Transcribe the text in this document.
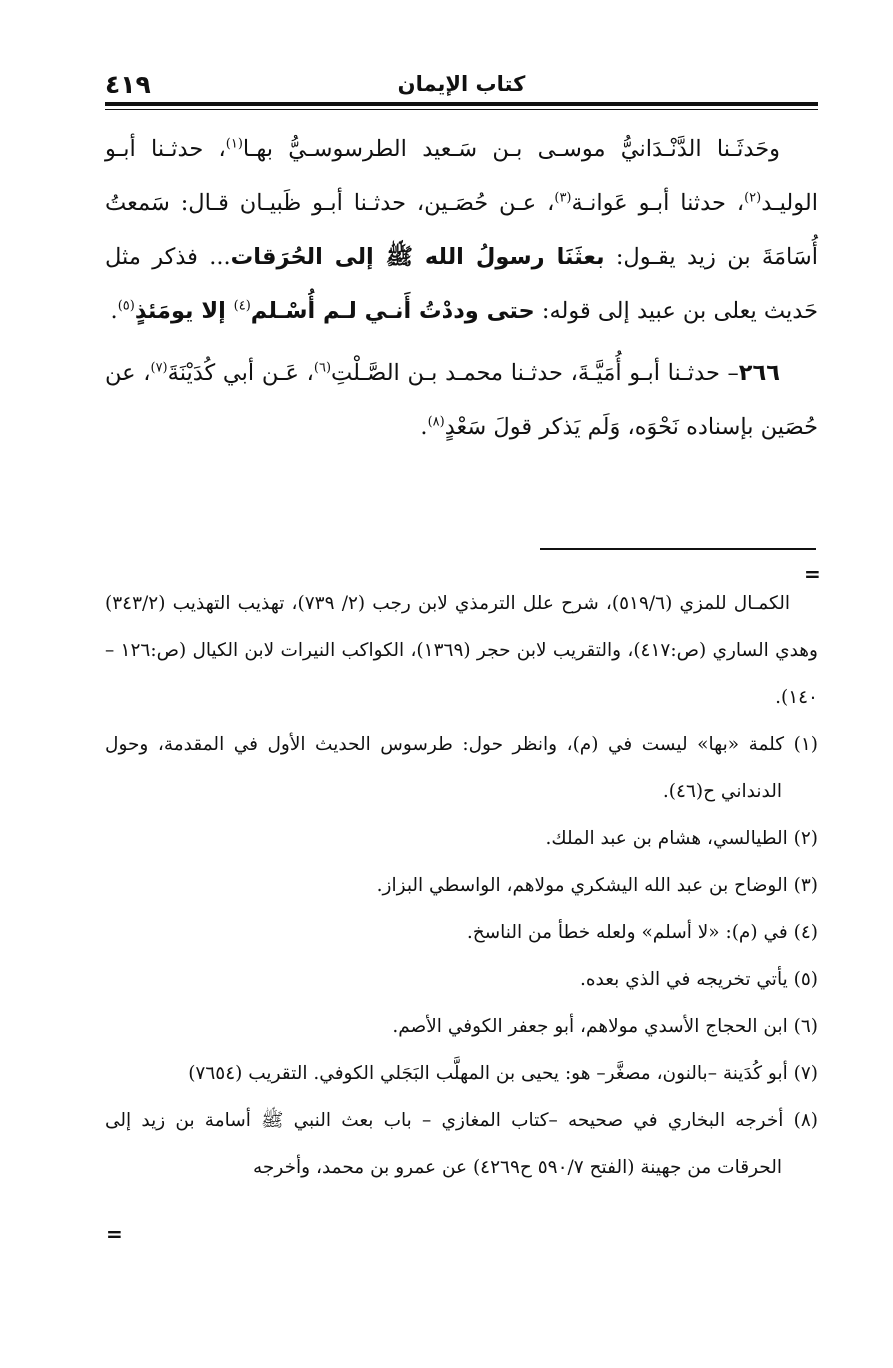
كتاب الإيمان
٤١٩

وحَدثَـنا الدَّنْـدَانيُّ موسـى بـن سَـعيد الطرسوسـيُّ بهـا$^{(١)}$، حدثـنا أبـو الوليـد$^{(٢)}$، حدثنا أبـو عَوانـة$^{(٣)}$، عـن حُصَـين، حدثـنا أبـو ظَبيـان قـال: سَمعتُ أُسَامَةَ بن زيد يقـول: بعثَنَا رسولُ الله ﷺ إلى الحُرَقات... فذكر مثل حَديث يعلى بن عبيد إلى قوله: حتى وددْتُ أَنـي لـم أُسْـلم$^{(٤)}$ إلا يومَئذٍ$^{(٥)}$.

٢٦٦– حدثـنا أبـو أُمَيَّـةَ، حدثـنا محمـد بـن الصَّـلْتِ$^{(٦)}$، عَـن أبي كُدَيْنَةَ$^{(٧)}$، عن حُصَين بإسناده نَحْوَه، وَلَم يَذكر قولَ سَعْدٍ$^{(٨)}$.

=

الكمـال للمزي (٥١٩/٦)، شرح علل الترمذي لابن رجب (٢/ ٧٣٩)، تهذيب التهذيب (٣٤٣/٢) وهدي الساري (ص:٤١٧)، والتقريب لابن حجر (١٣٦٩)، الكواكب النيرات لابن الكيال (ص:١٢٦ – ١٤٠).

(١) كلمة «بها» ليست في (م)، وانظر حول: طرسوس الحديث الأول في المقدمة، وحول الدنداني ح(٤٦).

(٢) الطيالسي، هشام بن عبد الملك.

(٣) الوضاح بن عبد الله اليشكري مولاهم، الواسطي البزاز.

(٤) في (م): «لا أسلم» ولعله خطأ من الناسخ.

(٥) يأتي تخريجه في الذي بعده.

(٦) ابن الحجاج الأسدي مولاهم، أبو جعفر الكوفي الأصم.

(٧) أبو كُدَينة –بالنون، مصغَّر– هو: يحيى بن المهلَّب البَجَلي الكوفي. التقريب (٧٦٥٤)

(٨) أخرجه البخاري في صحيحه –كتاب المغازي – باب بعث النبي ﷺ أسامة بن زيد إلى الحرقات من جهينة (الفتح ٥٩٠/٧ ح٤٢٦٩) عن عمرو بن محمد، وأخرجه

=
